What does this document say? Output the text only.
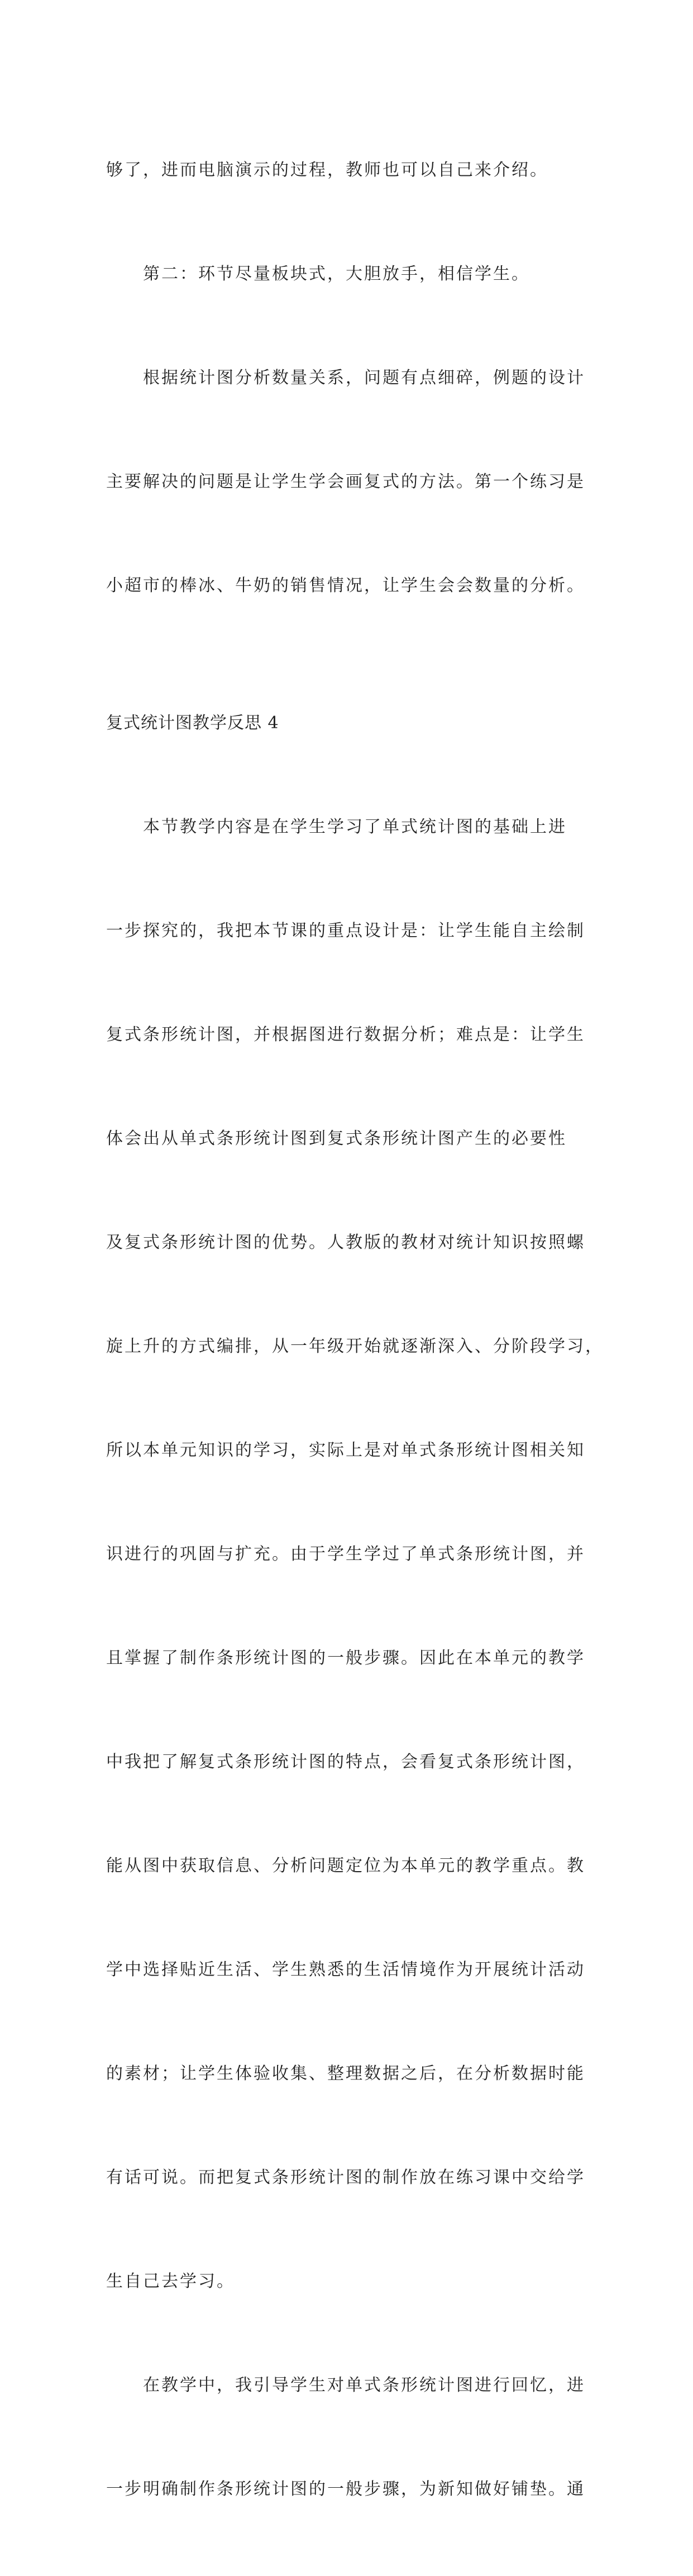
够了，进而电脑演示的过程，教师也可以自己来介绍。

　　第二：环节尽量板块式，大胆放手，相信学生。

　　根据统计图分析数量关系，问题有点细碎，例题的设计

主要解决的问题是让学生学会画复式的方法。第一个练习是

小超市的棒冰、牛奶的销售情况，让学生会会数量的分析。

复式统计图教学反思 4

　　本节教学内容是在学生学习了单式统计图的基础上进

一步探究的，我把本节课的重点设计是：让学生能自主绘制

复式条形统计图，并根据图进行数据分析；难点是：让学生

体会出从单式条形统计图到复式条形统计图产生的必要性

及复式条形统计图的优势。人教版的教材对统计知识按照螺

旋上升的方式编排，从一年级开始就逐渐深入、分阶段学习，

所以本单元知识的学习，实际上是对单式条形统计图相关知

识进行的巩固与扩充。由于学生学过了单式条形统计图，并

且掌握了制作条形统计图的一般步骤。因此在本单元的教学

中我把了解复式条形统计图的特点，会看复式条形统计图，

能从图中获取信息、分析问题定位为本单元的教学重点。教

学中选择贴近生活、学生熟悉的生活情境作为开展统计活动

的素材；让学生体验收集、整理数据之后，在分析数据时能

有话可说。而把复式条形统计图的制作放在练习课中交给学

生自己去学习。

　　在教学中，我引导学生对单式条形统计图进行回忆，进

一步明确制作条形统计图的一般步骤，为新知做好铺垫。通
